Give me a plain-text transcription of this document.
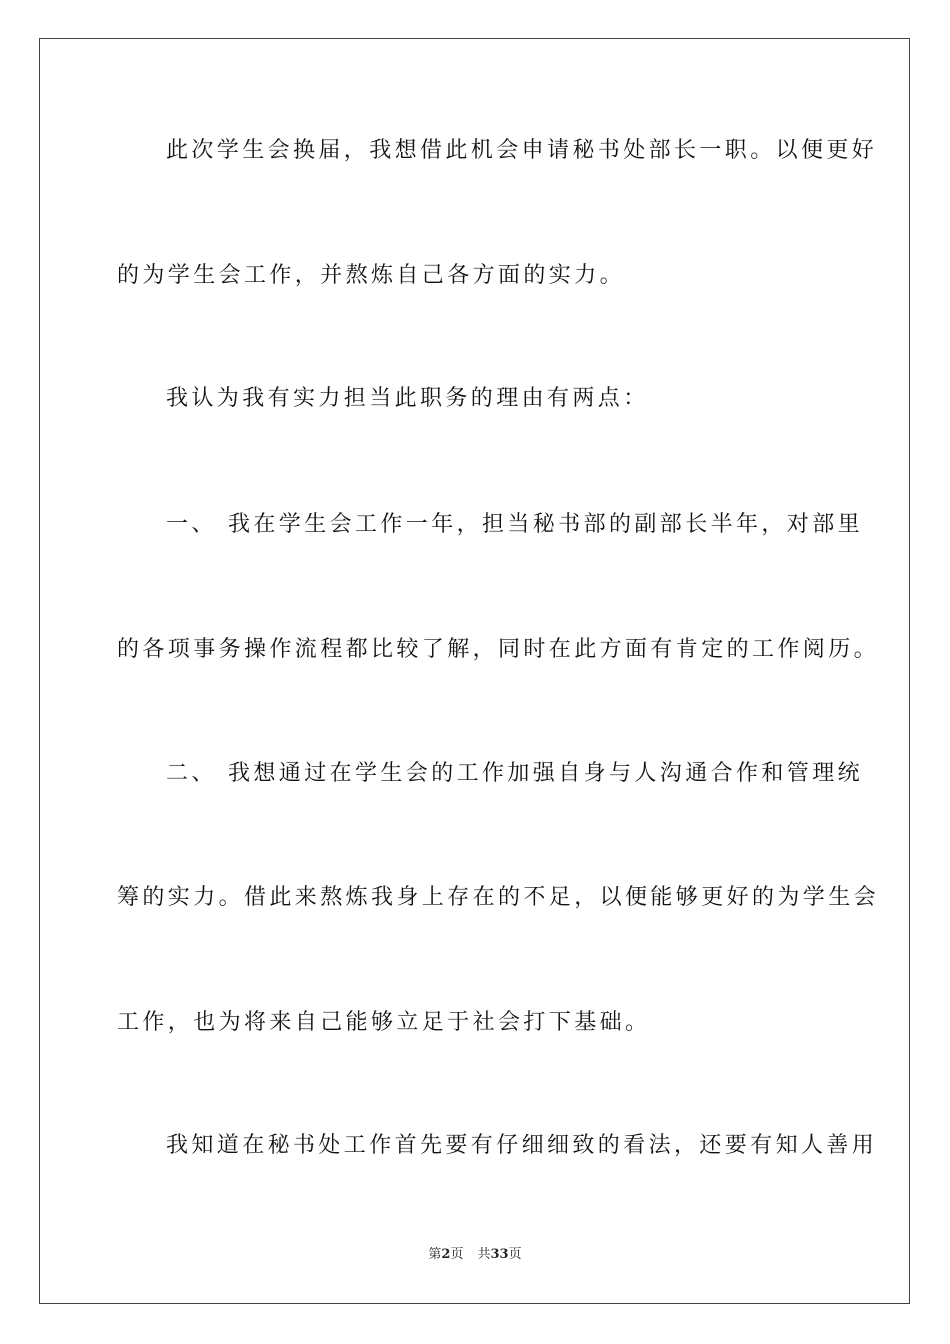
此次学生会换届，我想借此机会申请秘书处部长一职。以便更好
的为学生会工作，并熬炼自己各方面的实力。
我认为我有实力担当此职务的理由有两点：
一、 我在学生会工作一年，担当秘书部的副部长半年，对部里
的各项事务操作流程都比较了解，同时在此方面有肯定的工作阅历。
二、 我想通过在学生会的工作加强自身与人沟通合作和管理统
筹的实力。借此来熬炼我身上存在的不足，以便能够更好的为学生会
工作，也为将来自己能够立足于社会打下基础。
我知道在秘书处工作首先要有仔细细致的看法，还要有知人善用
第2页 共33页
